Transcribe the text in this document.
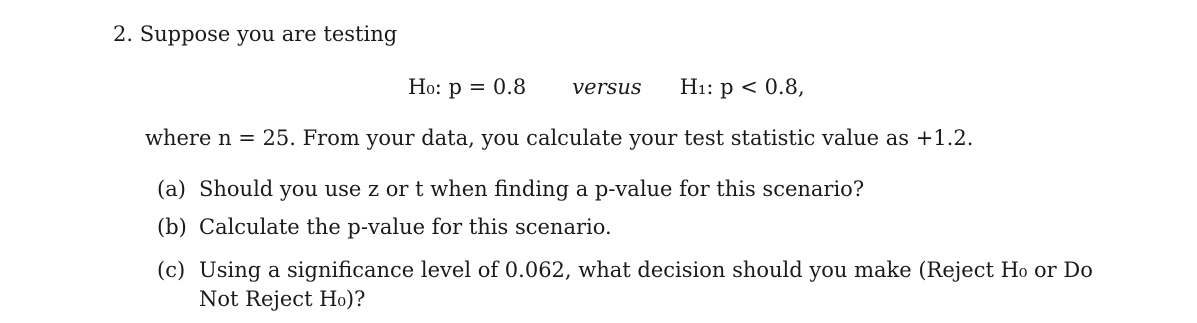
2. Suppose you are testing
H₀: p = 0.8 versus H₁: p < 0.8,
where n = 25. From your data, you calculate your test statistic value as +1.2.
(a) Should you use z or t when finding a p-value for this scenario?
(b) Calculate the p-value for this scenario.
(c) Using a significance level of 0.062, what decision should you make (Reject H₀ or Do
Not Reject H₀)?
